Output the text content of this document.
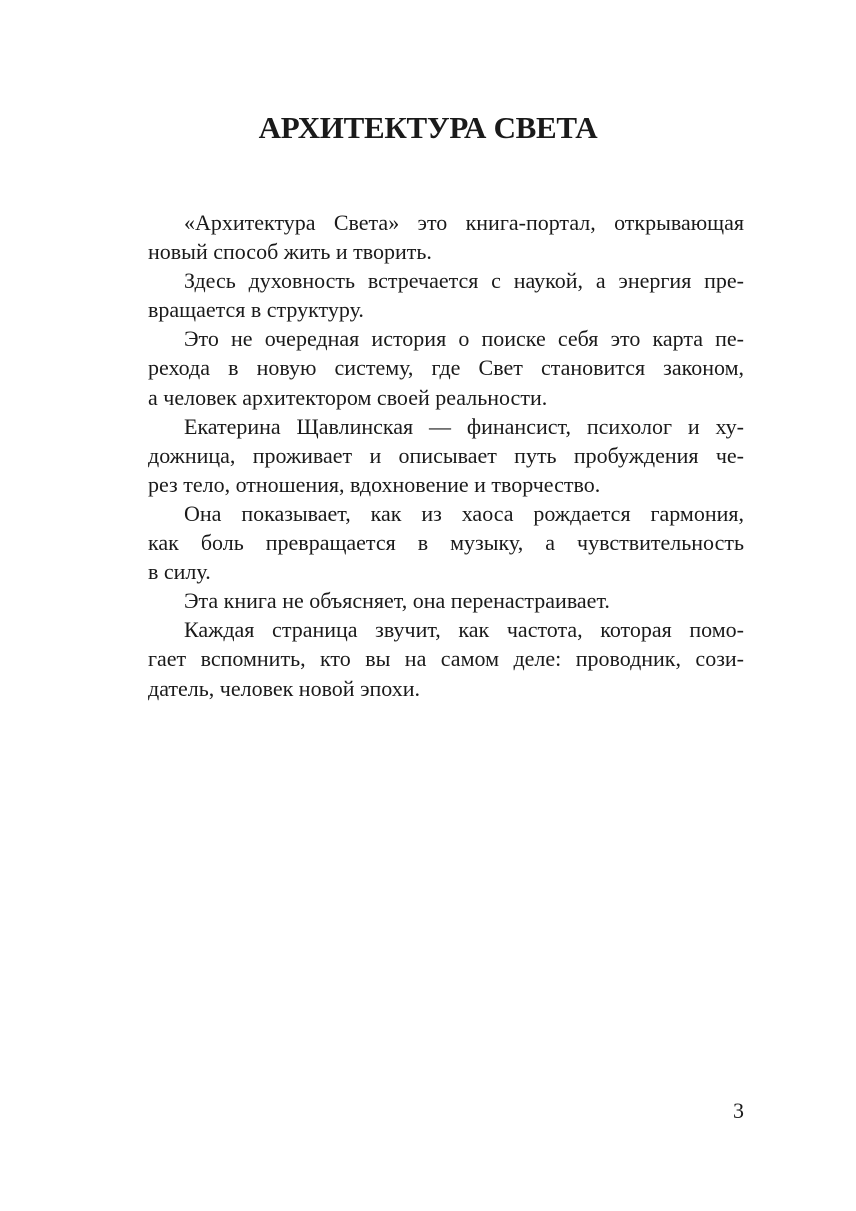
АРХИТЕКТУРА СВЕТА
«Архитектура Света» это книга-портал, открывающая
новый способ жить и творить.
Здесь духовность встречается с наукой, а энергия пре-
вращается в структуру.
Это не очередная история о поиске себя это карта пе-
рехода в новую систему, где Свет становится законом,
а человек архитектором своей реальности.
Екатерина Щавлинская — финансист, психолог и ху-
дожница, проживает и описывает путь пробуждения че-
рез тело, отношения, вдохновение и творчество.
Она показывает, как из хаоса рождается гармония,
как боль превращается в музыку, а чувствительность
в силу.
Эта книга не объясняет, она перенастраивает.
Каждая страница звучит, как частота, которая помо-
гает вспомнить, кто вы на самом деле: проводник, сози-
датель, человек новой эпохи.
3
